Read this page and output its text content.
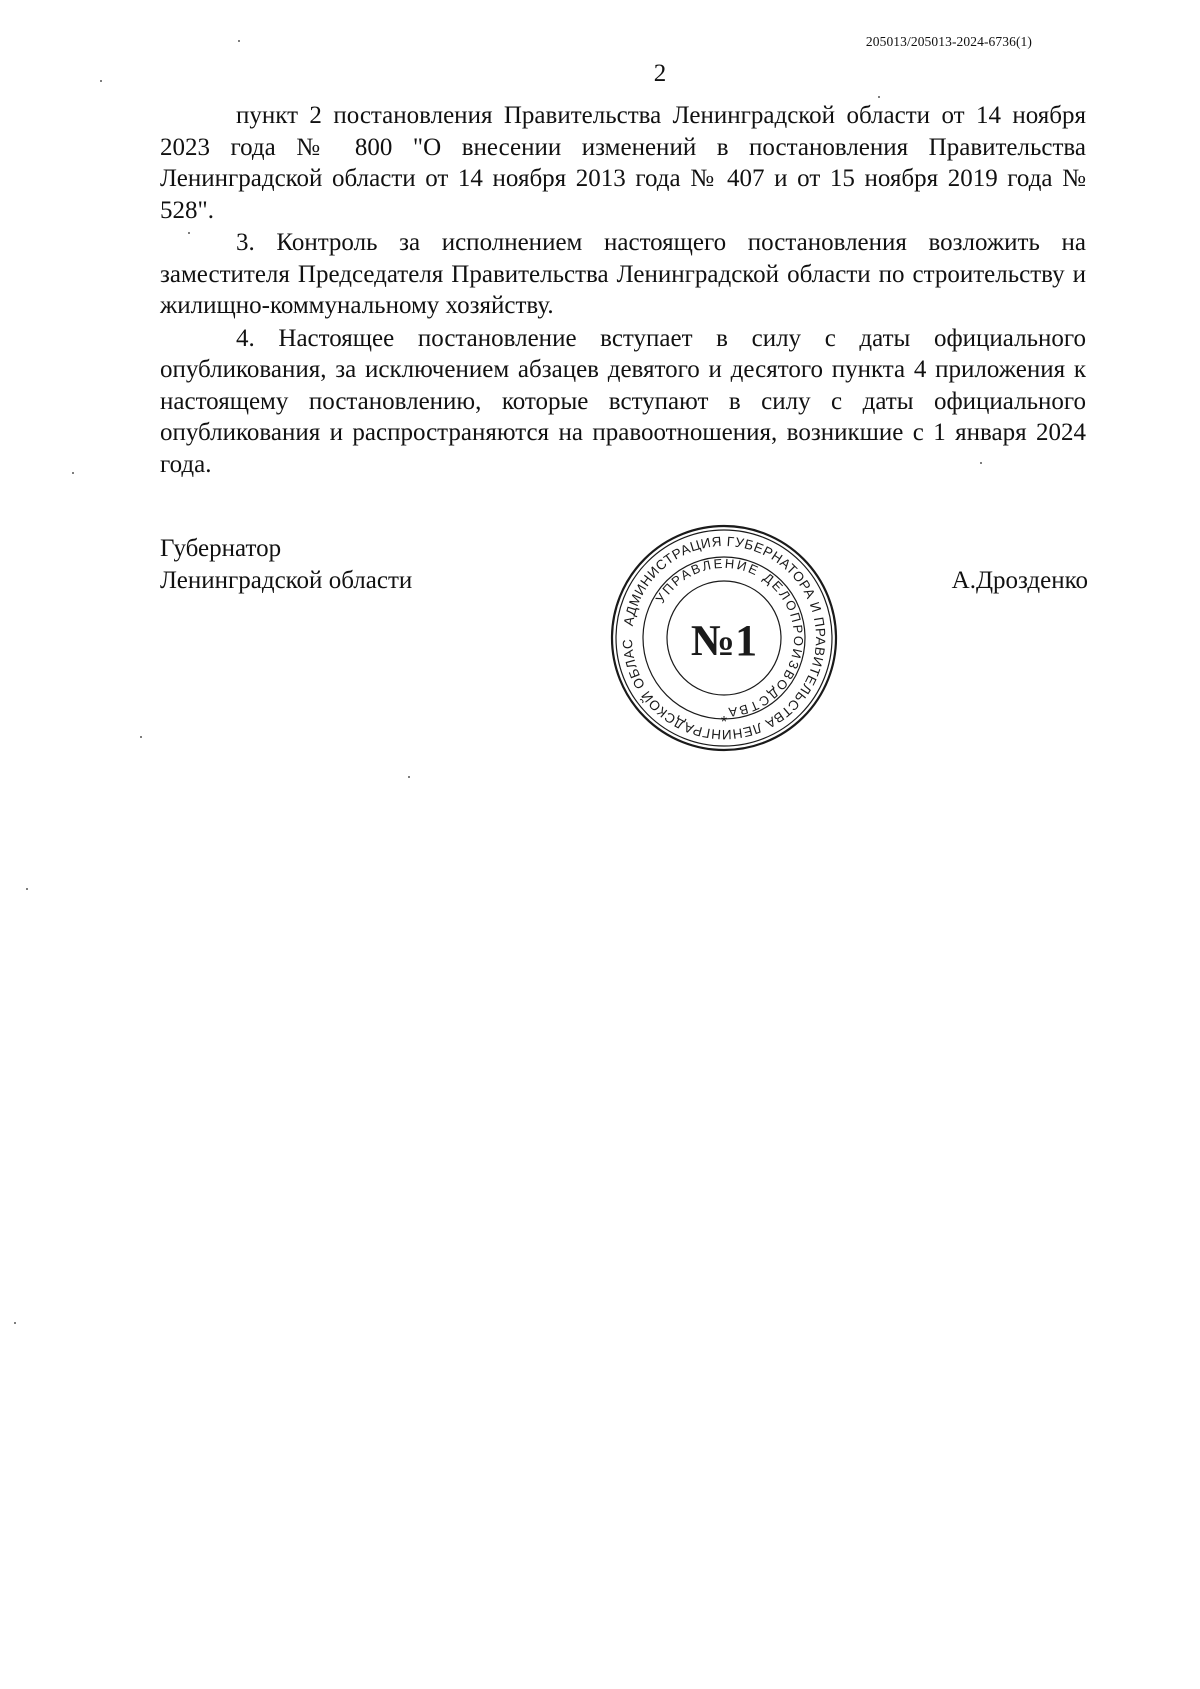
205013/205013-2024-6736(1)
2

пункт 2 постановления Правительства Ленинградской области от 14 ноября 2023 года № 800 "О внесении изменений в постановления Правительства Ленинградской области от 14 ноября 2013 года № 407 и от 15 ноября 2019 года № 528".

3. Контроль за исполнением настоящего постановления возложить на заместителя Председателя Правительства Ленинградской области по строительству и жилищно-коммунальному хозяйству.

4. Настоящее постановление вступает в силу с даты официального опубликования, за исключением абзацев девятого и десятого пункта 4 приложения к настоящему постановлению, которые вступают в силу с даты официального опубликования и распространяются на правоотношения, возникшие с 1 января 2024 года.

Губернатор
Ленинградской области	А.Дрозденко
АДМИНИСТРАЦИЯ ГУБЕРНАТОРА И ПРАВИТЕЛЬСТВА ЛЕНИНГРАДСКОЙ ОБЛАС
УПРАВЛЕНИЕ ДЕЛОПРОИЗВОДСТВА
№1
*
